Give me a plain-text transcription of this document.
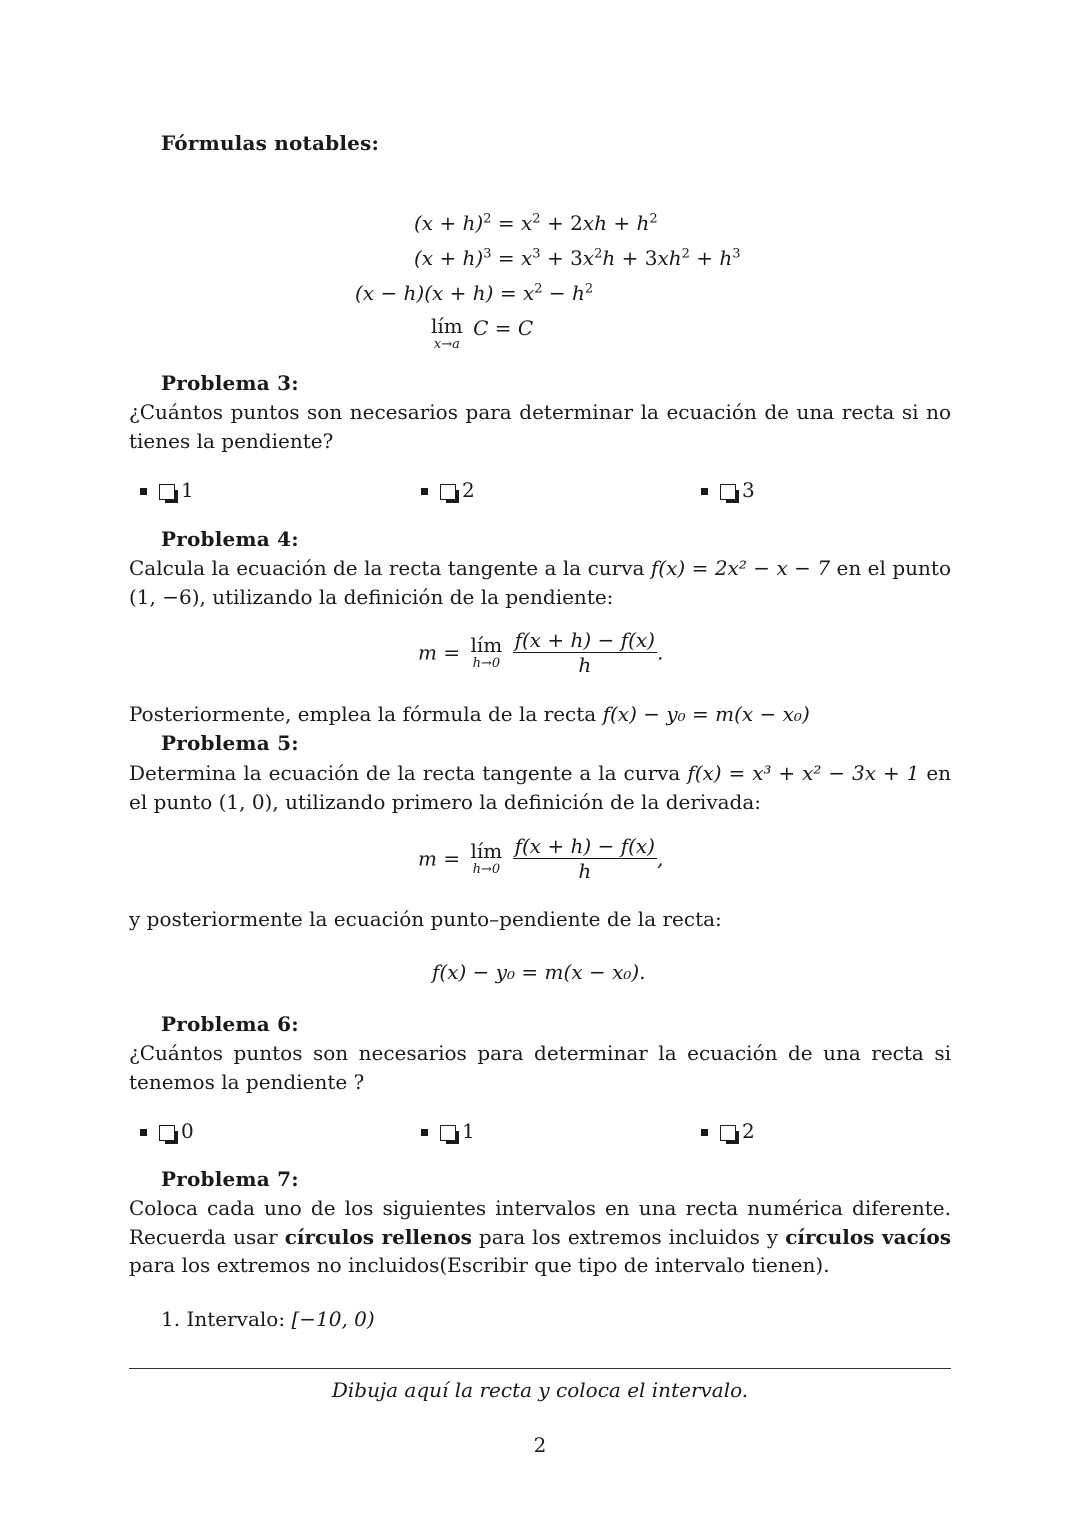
Fórmulas notables:
$(x + h)^2 = x^2 + 2xh + h^2$
$(x + h)^3 = x^3 + 3x^2h + 3xh^2 + h^3$
$(x - h)(x + h) = x^2 - h^2$
lím
x→a
C = C
Problema 3:
¿Cuántos puntos son necesarios para determinar la ecuación de una recta si no tienes la pendiente?
1	2	3
Problema 4:
Calcula la ecuación de la recta tangente a la curva f(x) = 2x² − x − 7 en el punto (1, −6), utilizando la definición de la pendiente:
m = lím
h→0
$\frac{f(x + h) - f(x)}{h}$ .
Posteriormente, emplea la fórmula de la recta f(x) − y₀ = m(x − x₀)
Problema 5:
Determina la ecuación de la recta tangente a la curva f(x) = x³ + x² − 3x + 1 en el punto (1, 0), utilizando primero la definición de la derivada:
m = lím
h→0
$\frac{f(x + h) - f(x)}{h}$ ,
y posteriormente la ecuación punto–pendiente de la recta:
f(x) − y₀ = m(x − x₀).
Problema 6:
¿Cuántos puntos son necesarios para determinar la ecuación de una recta si tenemos la pendiente ?
0	1	2
Problema 7:
Coloca cada uno de los siguientes intervalos en una recta numérica diferente. Recuerda usar círculos rellenos para los extremos incluidos y círculos vacíos para los extremos no incluidos(Escribir que tipo de intervalo tienen).
1. Intervalo: [−10, 0)
Dibuja aquí la recta y coloca el intervalo.
2
